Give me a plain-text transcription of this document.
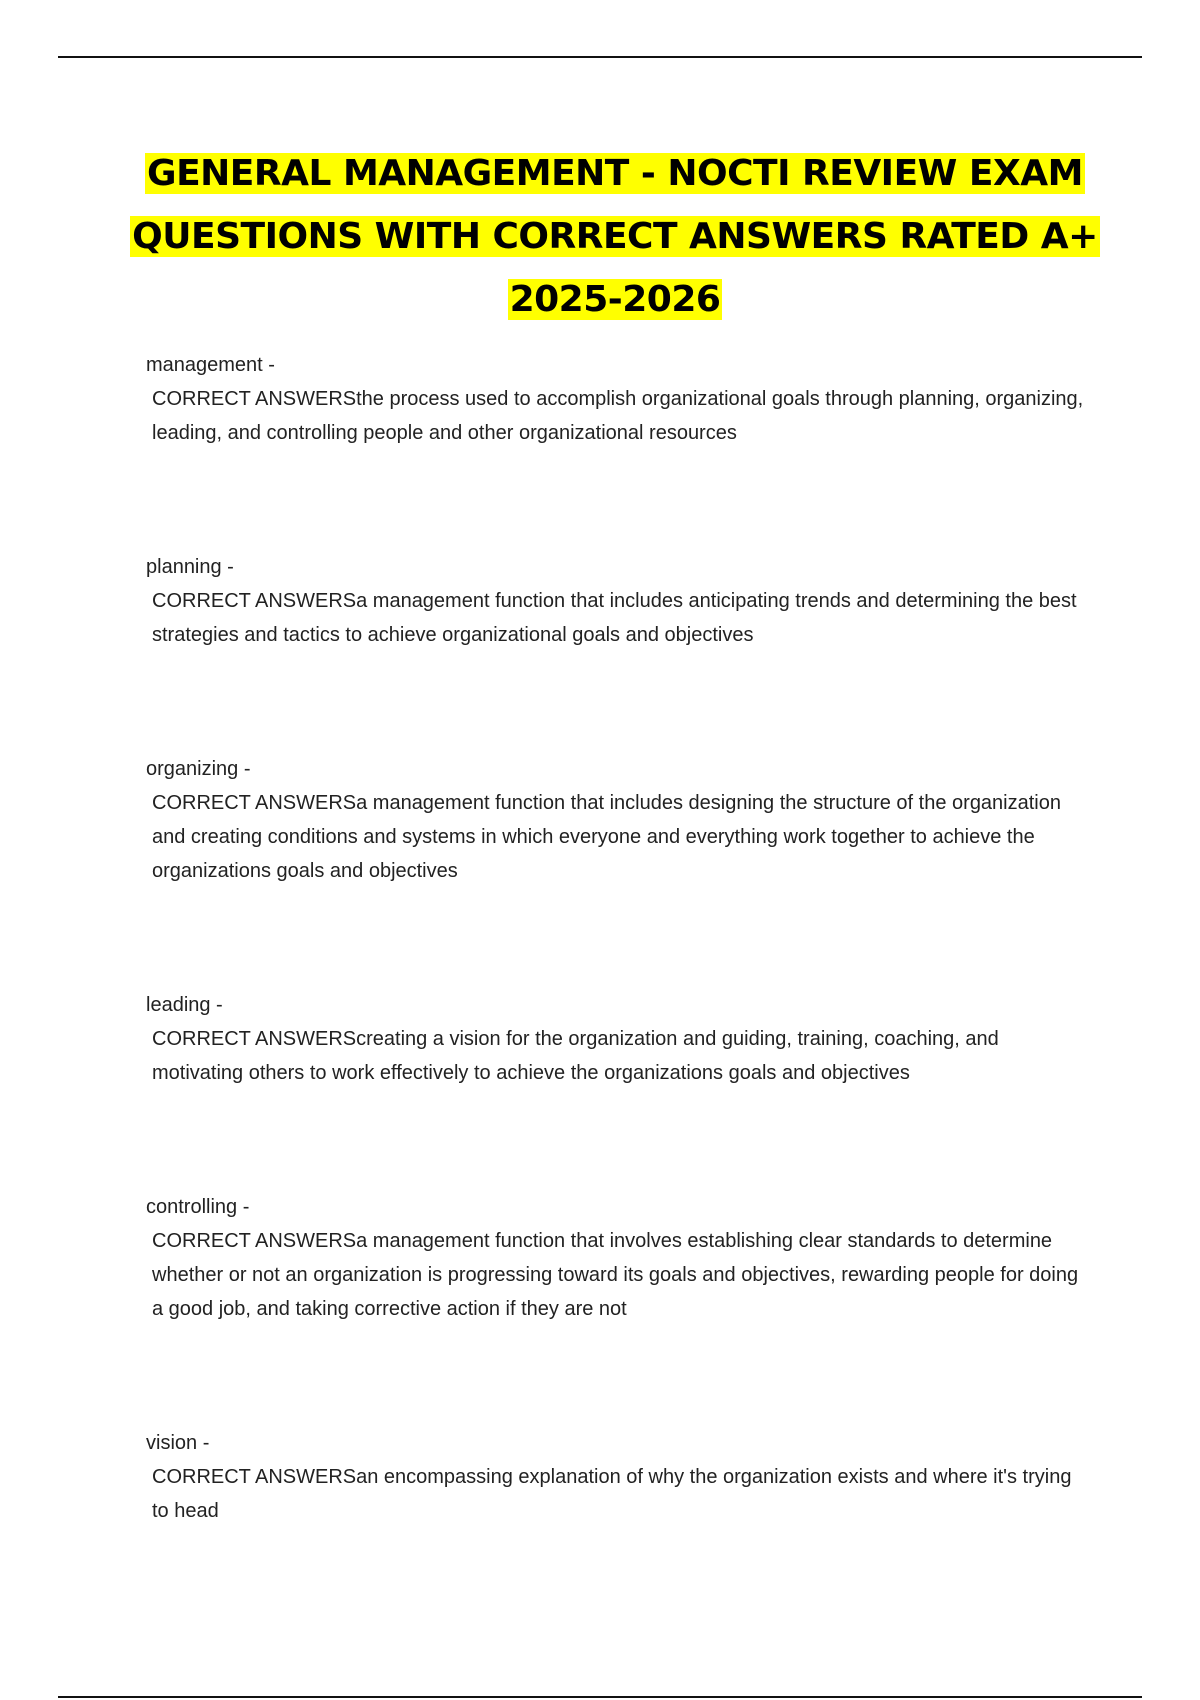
GENERAL MANAGEMENT - NOCTI REVIEW EXAM
QUESTIONS WITH CORRECT ANSWERS RATED A+
2025-2026
management -
CORRECT ANSWERSthe process used to accomplish organizational goals through planning, organizing, leading, and controlling people and other organizational resources
planning -
CORRECT ANSWERSa management function that includes anticipating trends and determining the best strategies and tactics to achieve organizational goals and objectives
organizing -
CORRECT ANSWERSa management function that includes designing the structure of the organization and creating conditions and systems in which everyone and everything work together to achieve the organizations goals and objectives
leading -
CORRECT ANSWERScreating a vision for the organization and guiding, training, coaching, and motivating others to work effectively to achieve the organizations goals and objectives
controlling -
CORRECT ANSWERSa management function that involves establishing clear standards to determine whether or not an organization is progressing toward its goals and objectives, rewarding people for doing a good job, and taking corrective action if they are not
vision -
CORRECT ANSWERSan encompassing explanation of why the organization exists and where it's trying to head
